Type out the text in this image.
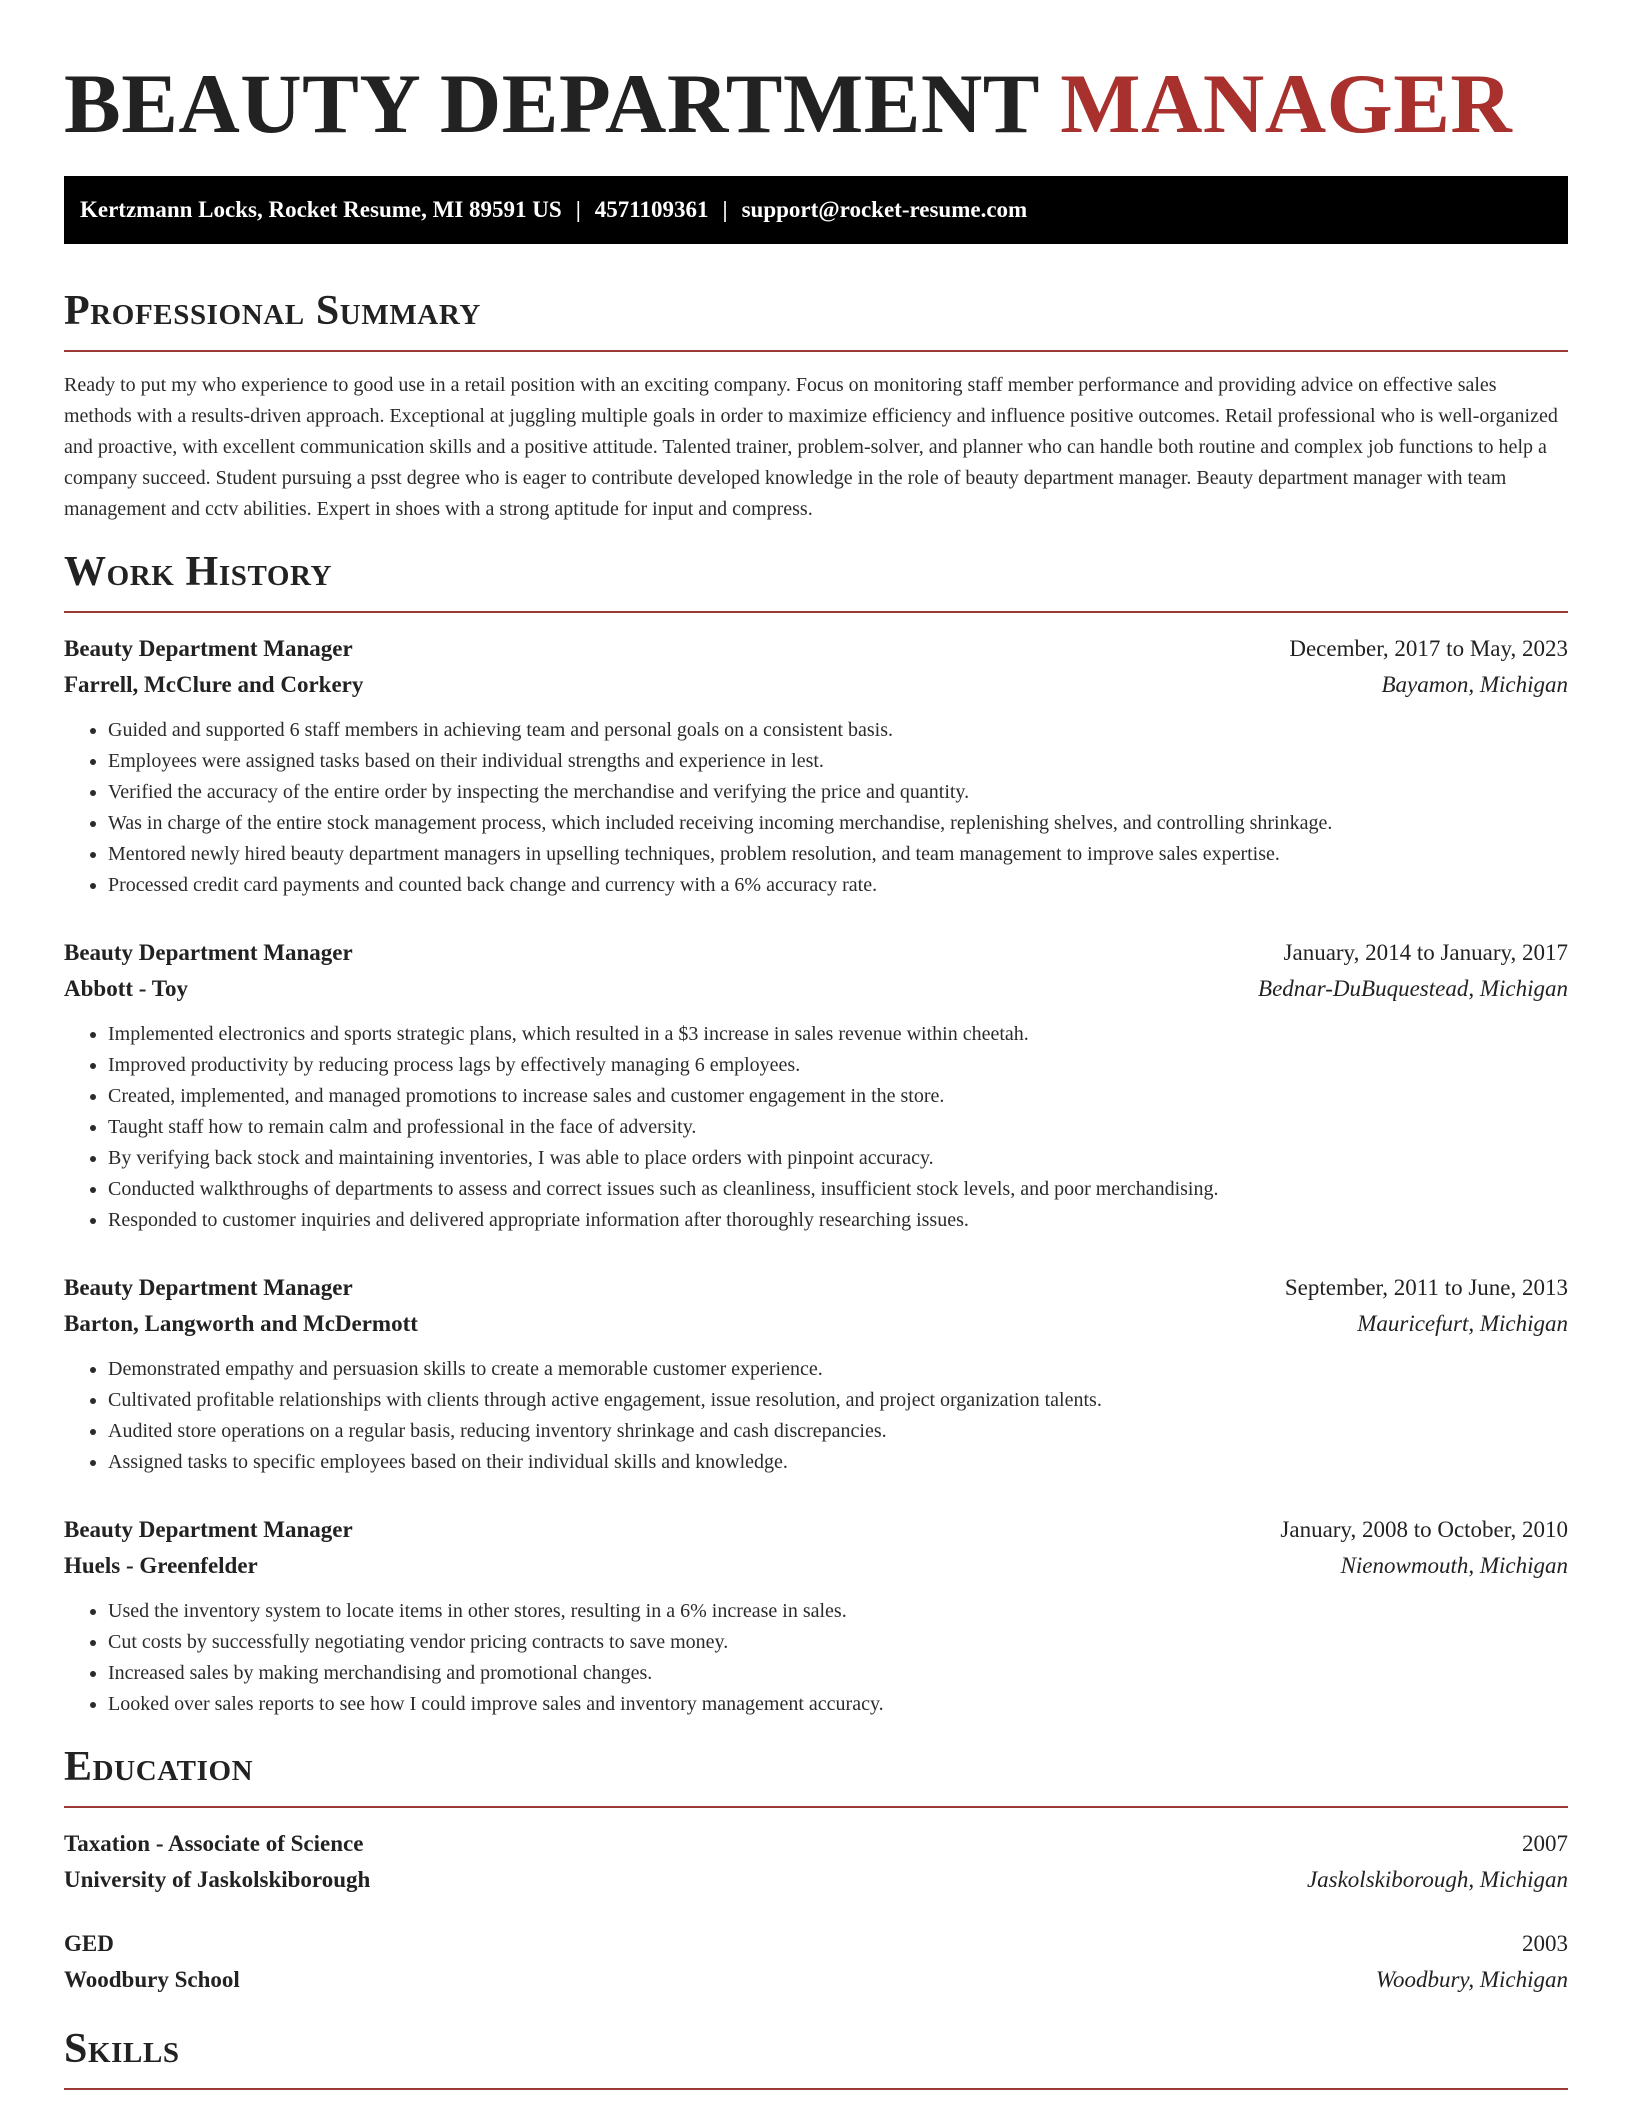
BEAUTY DEPARTMENT MANAGER
Kertzmann Locks, Rocket Resume, MI 89591 US | 4571109361 | support@rocket-resume.com
Professional Summary

Ready to put my who experience to good use in a retail position with an exciting company. Focus on monitoring staff member performance and providing advice on effective sales methods with a results-driven approach. Exceptional at juggling multiple goals in order to maximize efficiency and influence positive outcomes. Retail professional who is well-organized and proactive, with excellent communication skills and a positive attitude. Talented trainer, problem-solver, and planner who can handle both routine and complex job functions to help a company succeed. Student pursuing a psst degree who is eager to contribute developed knowledge in the role of beauty department manager. Beauty department manager with team management and cctv abilities. Expert in shoes with a strong aptitude for input and compress.

Work History
Beauty Department Manager	December, 2017 to May, 2023
Farrell, McClure and Corkery	Bayamon, Michigan
• Guided and supported 6 staff members in achieving team and personal goals on a consistent basis.
• Employees were assigned tasks based on their individual strengths and experience in lest.
• Verified the accuracy of the entire order by inspecting the merchandise and verifying the price and quantity.
• Was in charge of the entire stock management process, which included receiving incoming merchandise, replenishing shelves, and controlling shrinkage.
• Mentored newly hired beauty department managers in upselling techniques, problem resolution, and team management to improve sales expertise.
• Processed credit card payments and counted back change and currency with a 6% accuracy rate.
Beauty Department Manager	January, 2014 to January, 2017
Abbott - Toy	Bednar-DuBuquestead, Michigan
• Implemented electronics and sports strategic plans, which resulted in a $3 increase in sales revenue within cheetah.
• Improved productivity by reducing process lags by effectively managing 6 employees.
• Created, implemented, and managed promotions to increase sales and customer engagement in the store.
• Taught staff how to remain calm and professional in the face of adversity.
• By verifying back stock and maintaining inventories, I was able to place orders with pinpoint accuracy.
• Conducted walkthroughs of departments to assess and correct issues such as cleanliness, insufficient stock levels, and poor merchandising.
• Responded to customer inquiries and delivered appropriate information after thoroughly researching issues.
Beauty Department Manager	September, 2011 to June, 2013
Barton, Langworth and McDermott	Mauricefurt, Michigan
• Demonstrated empathy and persuasion skills to create a memorable customer experience.
• Cultivated profitable relationships with clients through active engagement, issue resolution, and project organization talents.
• Audited store operations on a regular basis, reducing inventory shrinkage and cash discrepancies.
• Assigned tasks to specific employees based on their individual skills and knowledge.
Beauty Department Manager	January, 2008 to October, 2010
Huels - Greenfelder	Nienowmouth, Michigan
• Used the inventory system to locate items in other stores, resulting in a 6% increase in sales.
• Cut costs by successfully negotiating vendor pricing contracts to save money.
• Increased sales by making merchandising and promotional changes.
• Looked over sales reports to see how I could improve sales and inventory management accuracy.
Education
Taxation - Associate of Science	2007
University of Jaskolskiborough	Jaskolskiborough, Michigan
GED	2003
Woodbury School	Woodbury, Michigan
Skills
